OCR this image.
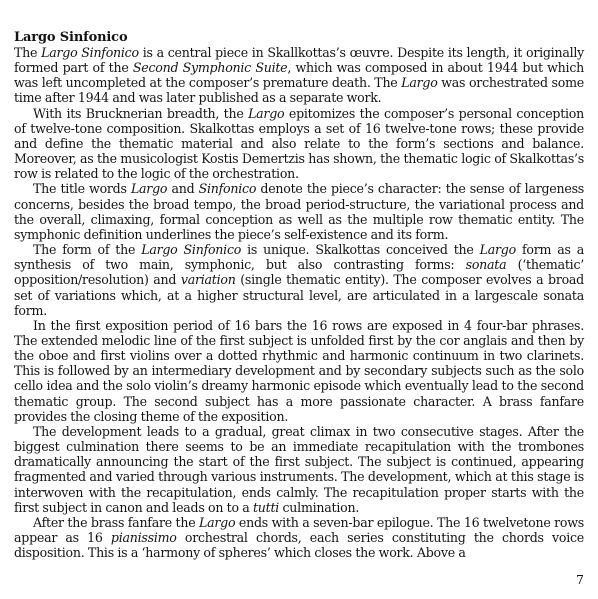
Largo Sinfonico

The Largo Sinfonico is a central piece in Skallkottas’s œuvre. Despite its length, it originally formed part of the Second Symphonic Suite, which was composed in about 1944 but which was left uncompleted at the composer’s premature death. The Largo was orchestrated some time after 1944 and was later published as a separate work.

With its Brucknerian breadth, the Largo epitomizes the composer’s personal conception of twelve-tone composition. Skalkottas employs a set of 16 twelve-tone rows; these provide and define the thematic material and also relate to the form’s sections and balance. Moreover, as the musicologist Kostis Demertzis has shown, the thematic logic of Skalkottas’s row is related to the logic of the orchestration.

The title words Largo and Sinfonico denote the piece’s character: the sense of largeness concerns, besides the broad tempo, the broad period-structure, the variational process and the overall, climaxing, formal conception as well as the multiple row thematic entity. The symphonic definition underlines the piece’s self-existence and its form.

The form of the Largo Sinfonico is unique. Skalkottas conceived the Largo form as a synthesis of two main, symphonic, but also contrasting forms: sonata (‘thematic’ opposition/resolution) and variation (single thematic entity). The composer evolves a broad set of variations which, at a higher structural level, are articulated in a largescale sonata form.

In the first exposition period of 16 bars the 16 rows are exposed in 4 four-bar phrases. The extended melodic line of the first subject is unfolded first by the cor anglais and then by the oboe and first violins over a dotted rhythmic and harmonic continuum in two clarinets. This is followed by an intermediary development and by secondary subjects such as the solo cello idea and the solo violin’s dreamy harmonic episode which eventually lead to the second thematic group. The second subject has a more passionate character. A brass fanfare provides the closing theme of the exposition.

The development leads to a gradual, great climax in two consecutive stages. After the biggest culmination there seems to be an immediate recapitulation with the trombones dramatically announcing the start of the first subject. The subject is continued, appearing fragmented and varied through various instruments. The development, which at this stage is interwoven with the recapitulation, ends calmly. The recapitulation proper starts with the first subject in canon and leads on to a tutti culmination.

After the brass fanfare the Largo ends with a seven-bar epilogue. The 16 twelvetone rows appear as 16 pianissimo orchestral chords, each series constituting the chords voice disposition. This is a ‘harmony of spheres’ which closes the work. Above a

7
